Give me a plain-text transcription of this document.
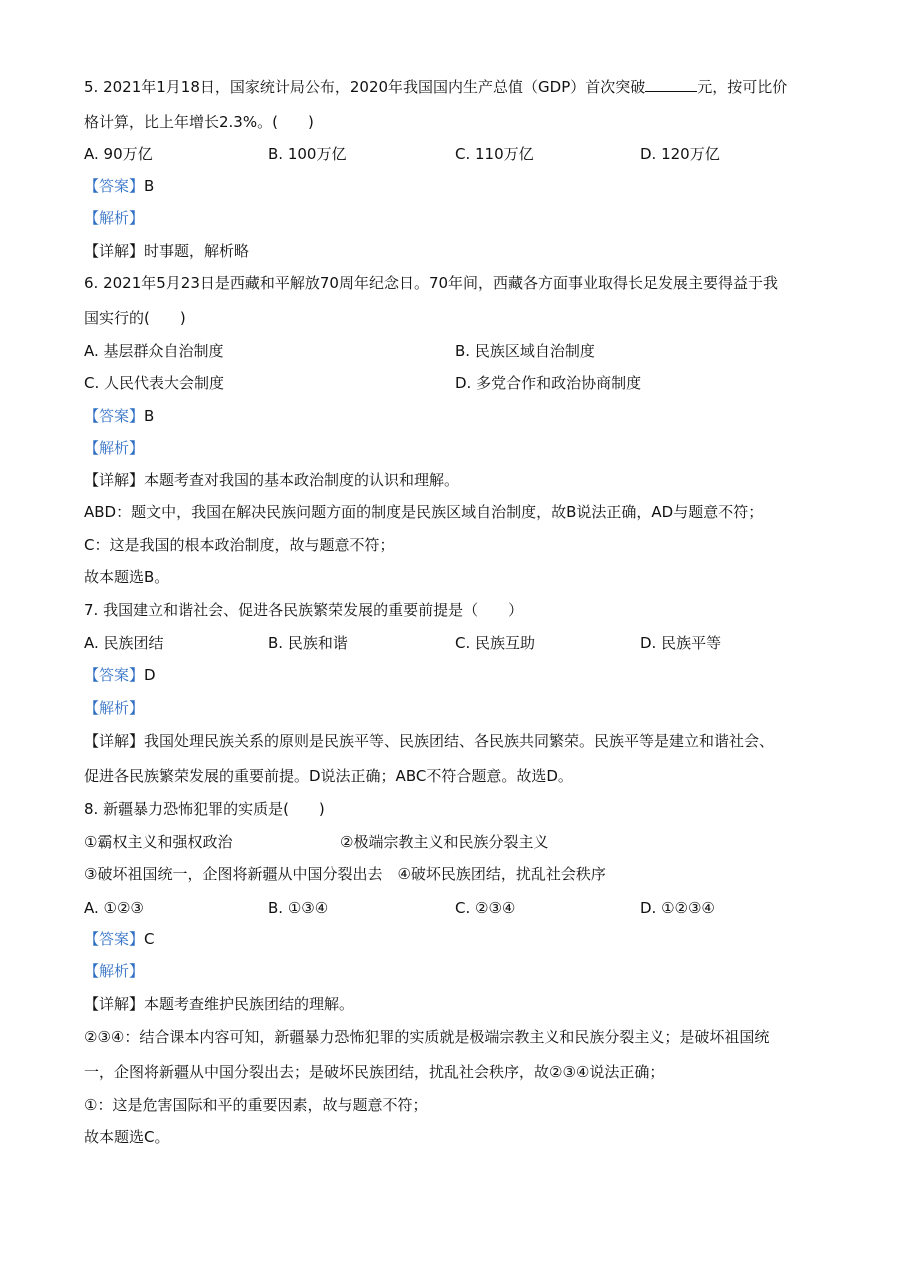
5. 2021年1月18日，国家统计局公布，2020年我国国内生产总值（GDP）首次突破	元，按可比价
格计算，比上年增长2.3%。(　　)
A. 90万亿	B. 100万亿	C. 110万亿	D. 120万亿
【答案】B
【解析】
【详解】时事题，解析略
6. 2021年5月23日是西藏和平解放70周年纪念日。70年间，西藏各方面事业取得长足发展主要得益于我
国实行的(　　)
A. 基层群众自治制度	B. 民族区域自治制度
C. 人民代表大会制度	D. 多党合作和政治协商制度
【答案】B
【解析】
【详解】本题考查对我国的基本政治制度的认识和理解。
ABD：题文中，我国在解决民族问题方面的制度是民族区域自治制度，故B说法正确，AD与题意不符；
C：这是我国的根本政治制度，故与题意不符；
故本题选B。
7. 我国建立和谐社会、促进各民族繁荣发展的重要前提是（　　）
A. 民族团结	B. 民族和谐	C. 民族互助	D. 民族平等
【答案】D
【解析】
【详解】我国处理民族关系的原则是民族平等、民族团结、各民族共同繁荣。民族平等是建立和谐社会、
促进各民族繁荣发展的重要前提。D说法正确；ABC不符合题意。故选D。
8. 新疆暴力恐怖犯罪的实质是(　　)
①霸权主义和强权政治	②极端宗教主义和民族分裂主义
③破坏祖国统一，企图将新疆从中国分裂出去　 ④破坏民族团结，扰乱社会秩序
A. ①②③	B. ①③④	C. ②③④	D. ①②③④
【答案】C
【解析】
【详解】本题考查维护民族团结的理解。
②③④：结合课本内容可知，新疆暴力恐怖犯罪的实质就是极端宗教主义和民族分裂主义；是破坏祖国统
一，企图将新疆从中国分裂出去；是破坏民族团结，扰乱社会秩序，故②③④说法正确；
①：这是危害国际和平的重要因素，故与题意不符；
故本题选C。
